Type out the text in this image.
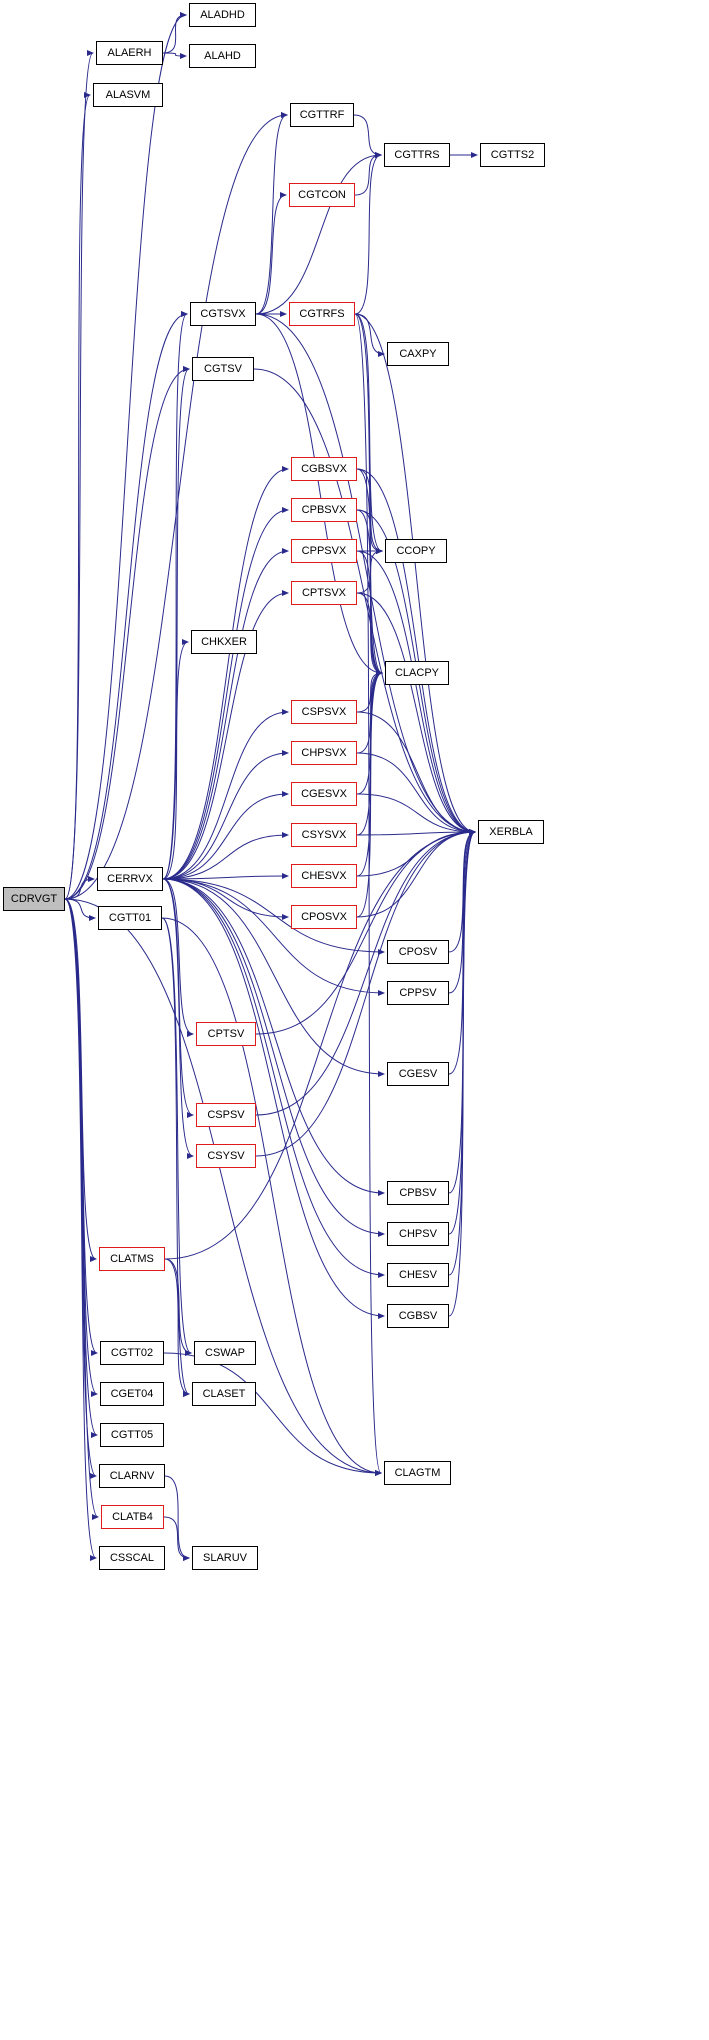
ALADHD
ALAERH	ALAHD
ALASVM
CGTTRF
CGTTRS	CGTTS2
CGTCON
CGTSVX	CGTRFS
CAXPY
CGTSV
CGBSVX
CPBSVX
CPPSVX	CCOPY
CPTSVX
CHKXER
CLACPY
CSPSVX
CHPSVX
CGESVX
XERBLA
CSYSVX
CHESVX
CERRVX
CPOSVX
CGTT01
CDRVGT
CPOSV
CPPSV
CPTSV
CGESV
CSPSV
CSYSV
CPBSV
CHPSV
CHESV
CGBSV
CLATMS
CGTT02	CSWAP
CGET04	CLASET
CGTT05
CLARNV	CLAGTM
CLATB4
CSSCAL	SLARUV
